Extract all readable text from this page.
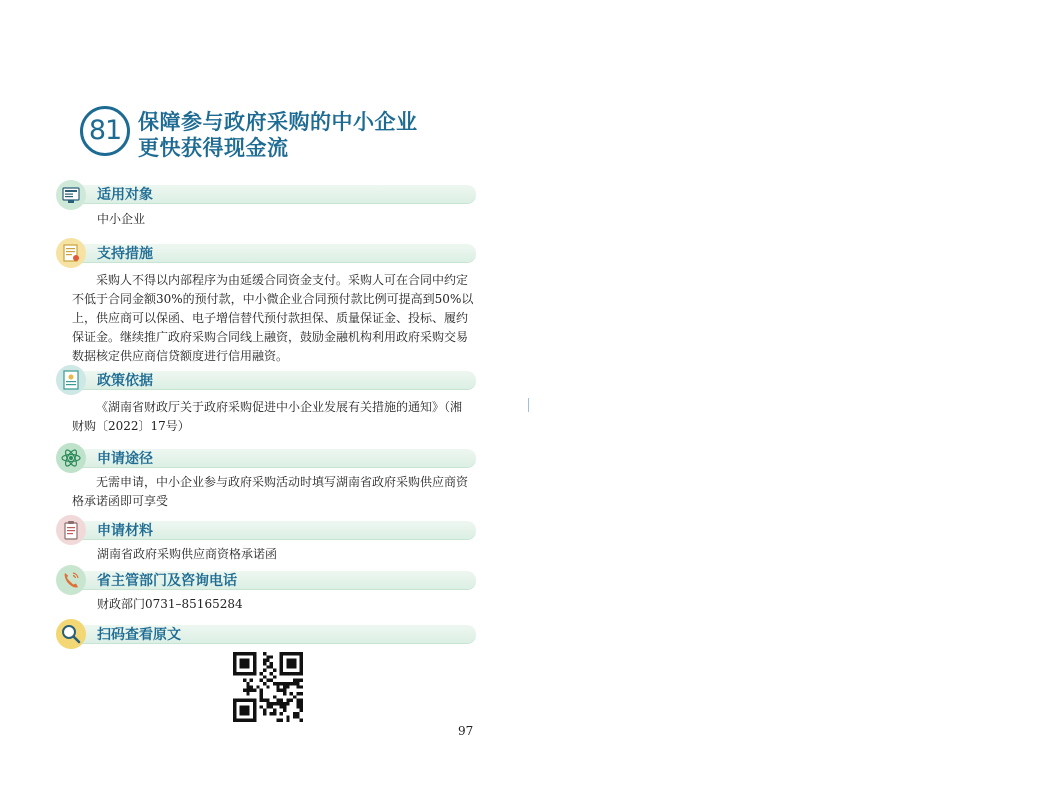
81 保障参与政府采购的中小企业
更快获得现金流
适用对象
中小企业
支持措施
采购人不得以内部程序为由延缓合同资金支付。采购人可在合同中约定
不低于合同金额30%的预付款，中小微企业合同预付款比例可提高到50%以
上，供应商可以保函、电子增信替代预付款担保、质量保证金、投标、履约
保证金。继续推广政府采购合同线上融资，鼓励金融机构利用政府采购交易
数据核定供应商信贷额度进行信用融资。
政策依据
《湖南省财政厅关于政府采购促进中小企业发展有关措施的通知》（湘
财购〔2022〕17号）
申请途径
无需申请，中小企业参与政府采购活动时填写湖南省政府采购供应商资
格承诺函即可享受
申请材料
湖南省政府采购供应商资格承诺函
省主管部门及咨询电话
财政部门0731–85165284
扫码查看原文
97
